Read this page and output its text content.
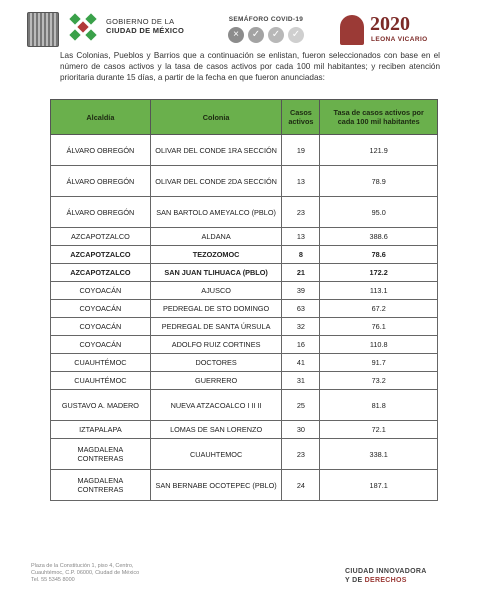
GOBIERNO DE LA
CIUDAD DE MÉXICO
SEMÁFORO COVID-19
×	✓	✓	✓	2020
LEONA VICARIO
Las Colonias, Pueblos y Barrios que a continuación se enlistan, fueron seleccionados con base en el número de casos activos y la tasa de casos activos por cada 100 mil habitantes; y reciben atención prioritaria durante 15 días, a partir de la fecha en que fueron anunciadas:
Alcaldía	Colonia	Casos activos	Tasa de casos activos por cada 100 mil habitantes
ÁLVARO OBREGÓN	OLIVAR DEL CONDE 1RA SECCIÓN	19	121.9
ÁLVARO OBREGÓN	OLIVAR DEL CONDE 2DA SECCIÓN	13	78.9
ÁLVARO OBREGÓN	SAN BARTOLO AMEYALCO (PBLO)	23	95.0
AZCAPOTZALCO	ALDANA	13	388.6
AZCAPOTZALCO	TEZOZOMOC	8	78.6
AZCAPOTZALCO	SAN JUAN TLIHUACA (PBLO)	21	172.2
COYOACÁN	AJUSCO	39	113.1
COYOACÁN	PEDREGAL DE STO DOMINGO	63	67.2
COYOACÁN	PEDREGAL DE SANTA ÚRSULA	32	76.1
COYOACÁN	ADOLFO RUIZ CORTINES	16	110.8
CUAUHTÉMOC	DOCTORES	41	91.7
CUAUHTÉMOC	GUERRERO	31	73.2
GUSTAVO A. MADERO	NUEVA ATZACOALCO I II II	25	81.8
IZTAPALAPA	LOMAS DE SAN LORENZO	30	72.1
MAGDALENA CONTRERAS	CUAUHTEMOC	23	338.1
MAGDALENA CONTRERAS	SAN BERNABE OCOTEPEC (PBLO)	24	187.1
Plaza de la Constitución 1, piso 4, Centro,
Cuauhtémoc, C.P. 06000, Ciudad de México
Tel. 55 5345 8000
CIUDAD INNOVADORA
Y DE DERECHOS
